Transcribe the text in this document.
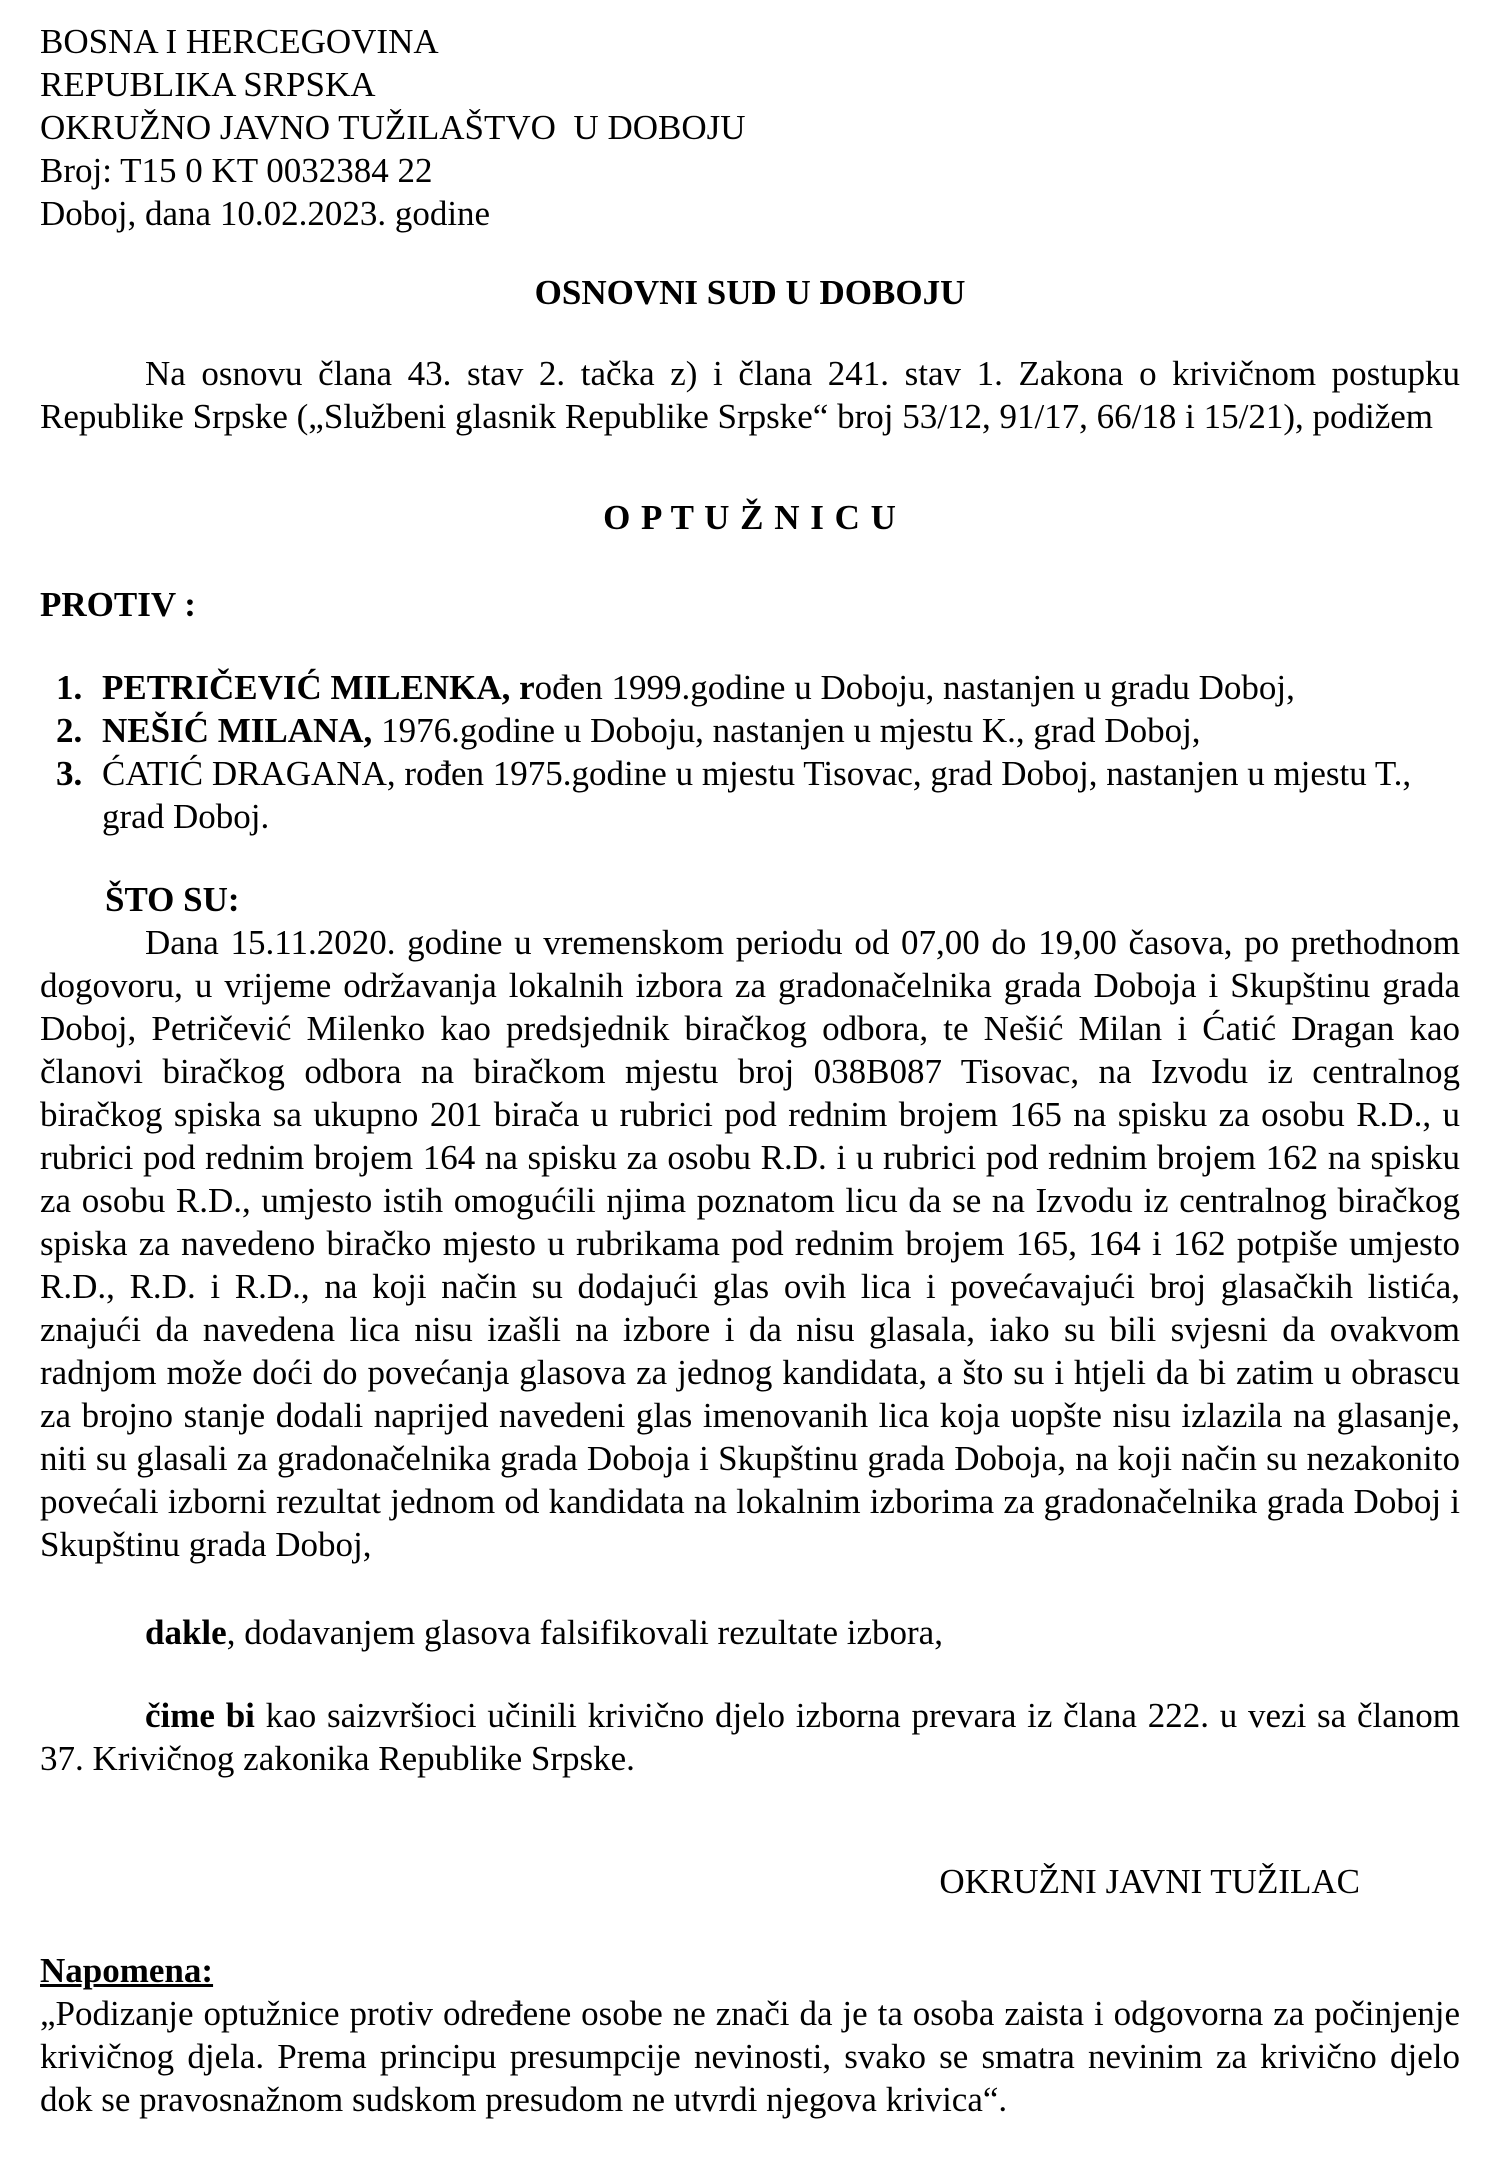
BOSNA I HERCEGOVINA
REPUBLIKA SRPSKA
OKRUŽNO JAVNO TUŽILAŠTVO  U DOBOJU
Broj: T15 0 KT 0032384 22
Doboj, dana 10.02.2023. godine
OSNOVNI SUD U DOBOJU

Na osnovu člana 43. stav 2. tačka z) i člana 241. stav 1. Zakona o krivičnom postupku Republike Srpske („Službeni glasnik Republike Srpske“ broj 53/12, 91/17, 66/18 i 15/21), podižem

O P T U Ž N I C U
PROTIV :
1. PETRIČEVIĆ MILENKA, rođen 1999.godine u Doboju, nastanjen u gradu Doboj,
2. NEŠIĆ MILANA, 1976.godine u Doboju, nastanjen u mjestu K., grad Doboj,
3. ĆATIĆ DRAGANA, rođen 1975.godine u mjestu Tisovac, grad Doboj, nastanjen u mjestu T., grad Doboj.
ŠTO SU:

Dana 15.11.2020. godine u vremenskom periodu od 07,00 do 19,00 časova, po prethodnom dogovoru, u vrijeme održavanja lokalnih izbora za gradonačelnika grada Doboja i Skupštinu grada Doboj, Petričević Milenko kao predsjednik biračkog odbora, te Nešić Milan i Ćatić Dragan kao članovi biračkog odbora na biračkom mjestu broj 038B087 Tisovac, na Izvodu iz centralnog biračkog spiska sa ukupno 201 birača u rubrici pod rednim brojem 165 na spisku za osobu R.D., u rubrici pod rednim brojem 164 na spisku za osobu R.D. i u rubrici pod rednim brojem 162 na spisku za osobu R.D., umjesto istih omogućili njima poznatom licu da se na Izvodu iz centralnog biračkog spiska za navedeno biračko mjesto u rubrikama pod rednim brojem 165, 164 i 162 potpiše umjesto R.D., R.D. i R.D., na koji način su dodajući glas ovih lica i povećavajući broj glasačkih listića, znajući da navedena lica nisu izašli na izbore i da nisu glasala, iako su bili svjesni da ovakvom radnjom može doći do povećanja glasova za jednog kandidata, a što su i htjeli da bi zatim u obrascu za brojno stanje dodali naprijed navedeni glas imenovanih lica koja uopšte nisu izlazila na glasanje, niti su glasali za gradonačelnika grada Doboja i Skupštinu grada Doboja, na koji način su nezakonito povećali izborni rezultat jednom od kandidata na lokalnim izborima za gradonačelnika grada Doboj i Skupštinu grada Doboj,

dakle, dodavanjem glasova falsifikovali rezultate izbora,

čime bi kao saizvršioci učinili krivično djelo izborna prevara iz člana 222. u vezi sa članom 37. Krivičnog zakonika Republike Srpske.

OKRUŽNI JAVNI TUŽILAC
Napomena:

„Podizanje optužnice protiv određene osobe ne znači da je ta osoba zaista i odgovorna za počinjenje krivičnog djela. Prema principu presumpcije nevinosti, svako se smatra nevinim za krivično djelo dok se pravosnažnom sudskom presudom ne utvrdi njegova krivica“.
